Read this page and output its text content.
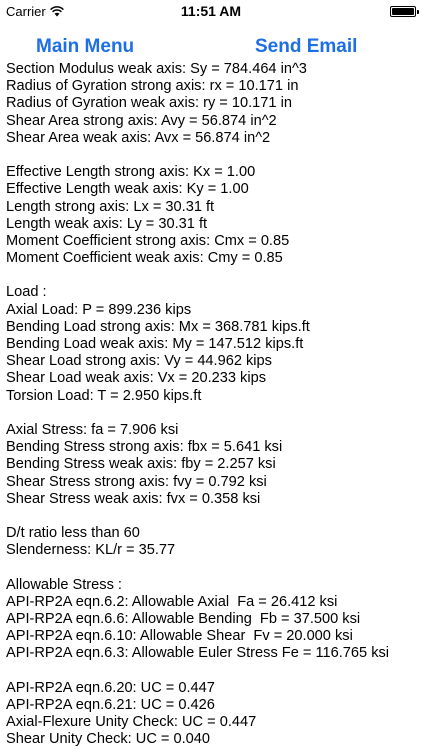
Carrier	11:51 AM
Main Menu	Send Email
Section Modulus weak axis: Sy = 784.464 in^3
Radius of Gyration strong axis: rx = 10.171 in
Radius of Gyration weak axis: ry = 10.171 in
Shear Area strong axis: Avy = 56.874 in^2
Shear Area weak axis: Avx = 56.874 in^2
Effective Length strong axis: Kx = 1.00
Effective Length weak axis: Ky = 1.00
Length strong axis: Lx = 30.31 ft
Length weak axis: Ly = 30.31 ft
Moment Coefficient strong axis: Cmx = 0.85
Moment Coefficient weak axis: Cmy = 0.85
Load :
Axial Load: P = 899.236 kips
Bending Load strong axis: Mx = 368.781 kips.ft
Bending Load weak axis: My = 147.512 kips.ft
Shear Load strong axis: Vy = 44.962 kips
Shear Load weak axis: Vx = 20.233 kips
Torsion Load: T = 2.950 kips.ft
Axial Stress: fa = 7.906 ksi
Bending Stress strong axis: fbx = 5.641 ksi
Bending Stress weak axis: fby = 2.257 ksi
Shear Stress strong axis: fvy = 0.792 ksi
Shear Stress weak axis: fvx = 0.358 ksi
D/t ratio less than 60
Slenderness: KL/r = 35.77
Allowable Stress :
API-RP2A eqn.6.2: Allowable Axial  Fa = 26.412 ksi
API-RP2A eqn.6.6: Allowable Bending  Fb = 37.500 ksi
API-RP2A eqn.6.10: Allowable Shear  Fv = 20.000 ksi
API-RP2A eqn.6.3: Allowable Euler Stress Fe = 116.765 ksi
API-RP2A eqn.6.20: UC = 0.447
API-RP2A eqn.6.21: UC = 0.426
Axial-Flexure Unity Check: UC = 0.447
Shear Unity Check: UC = 0.040
